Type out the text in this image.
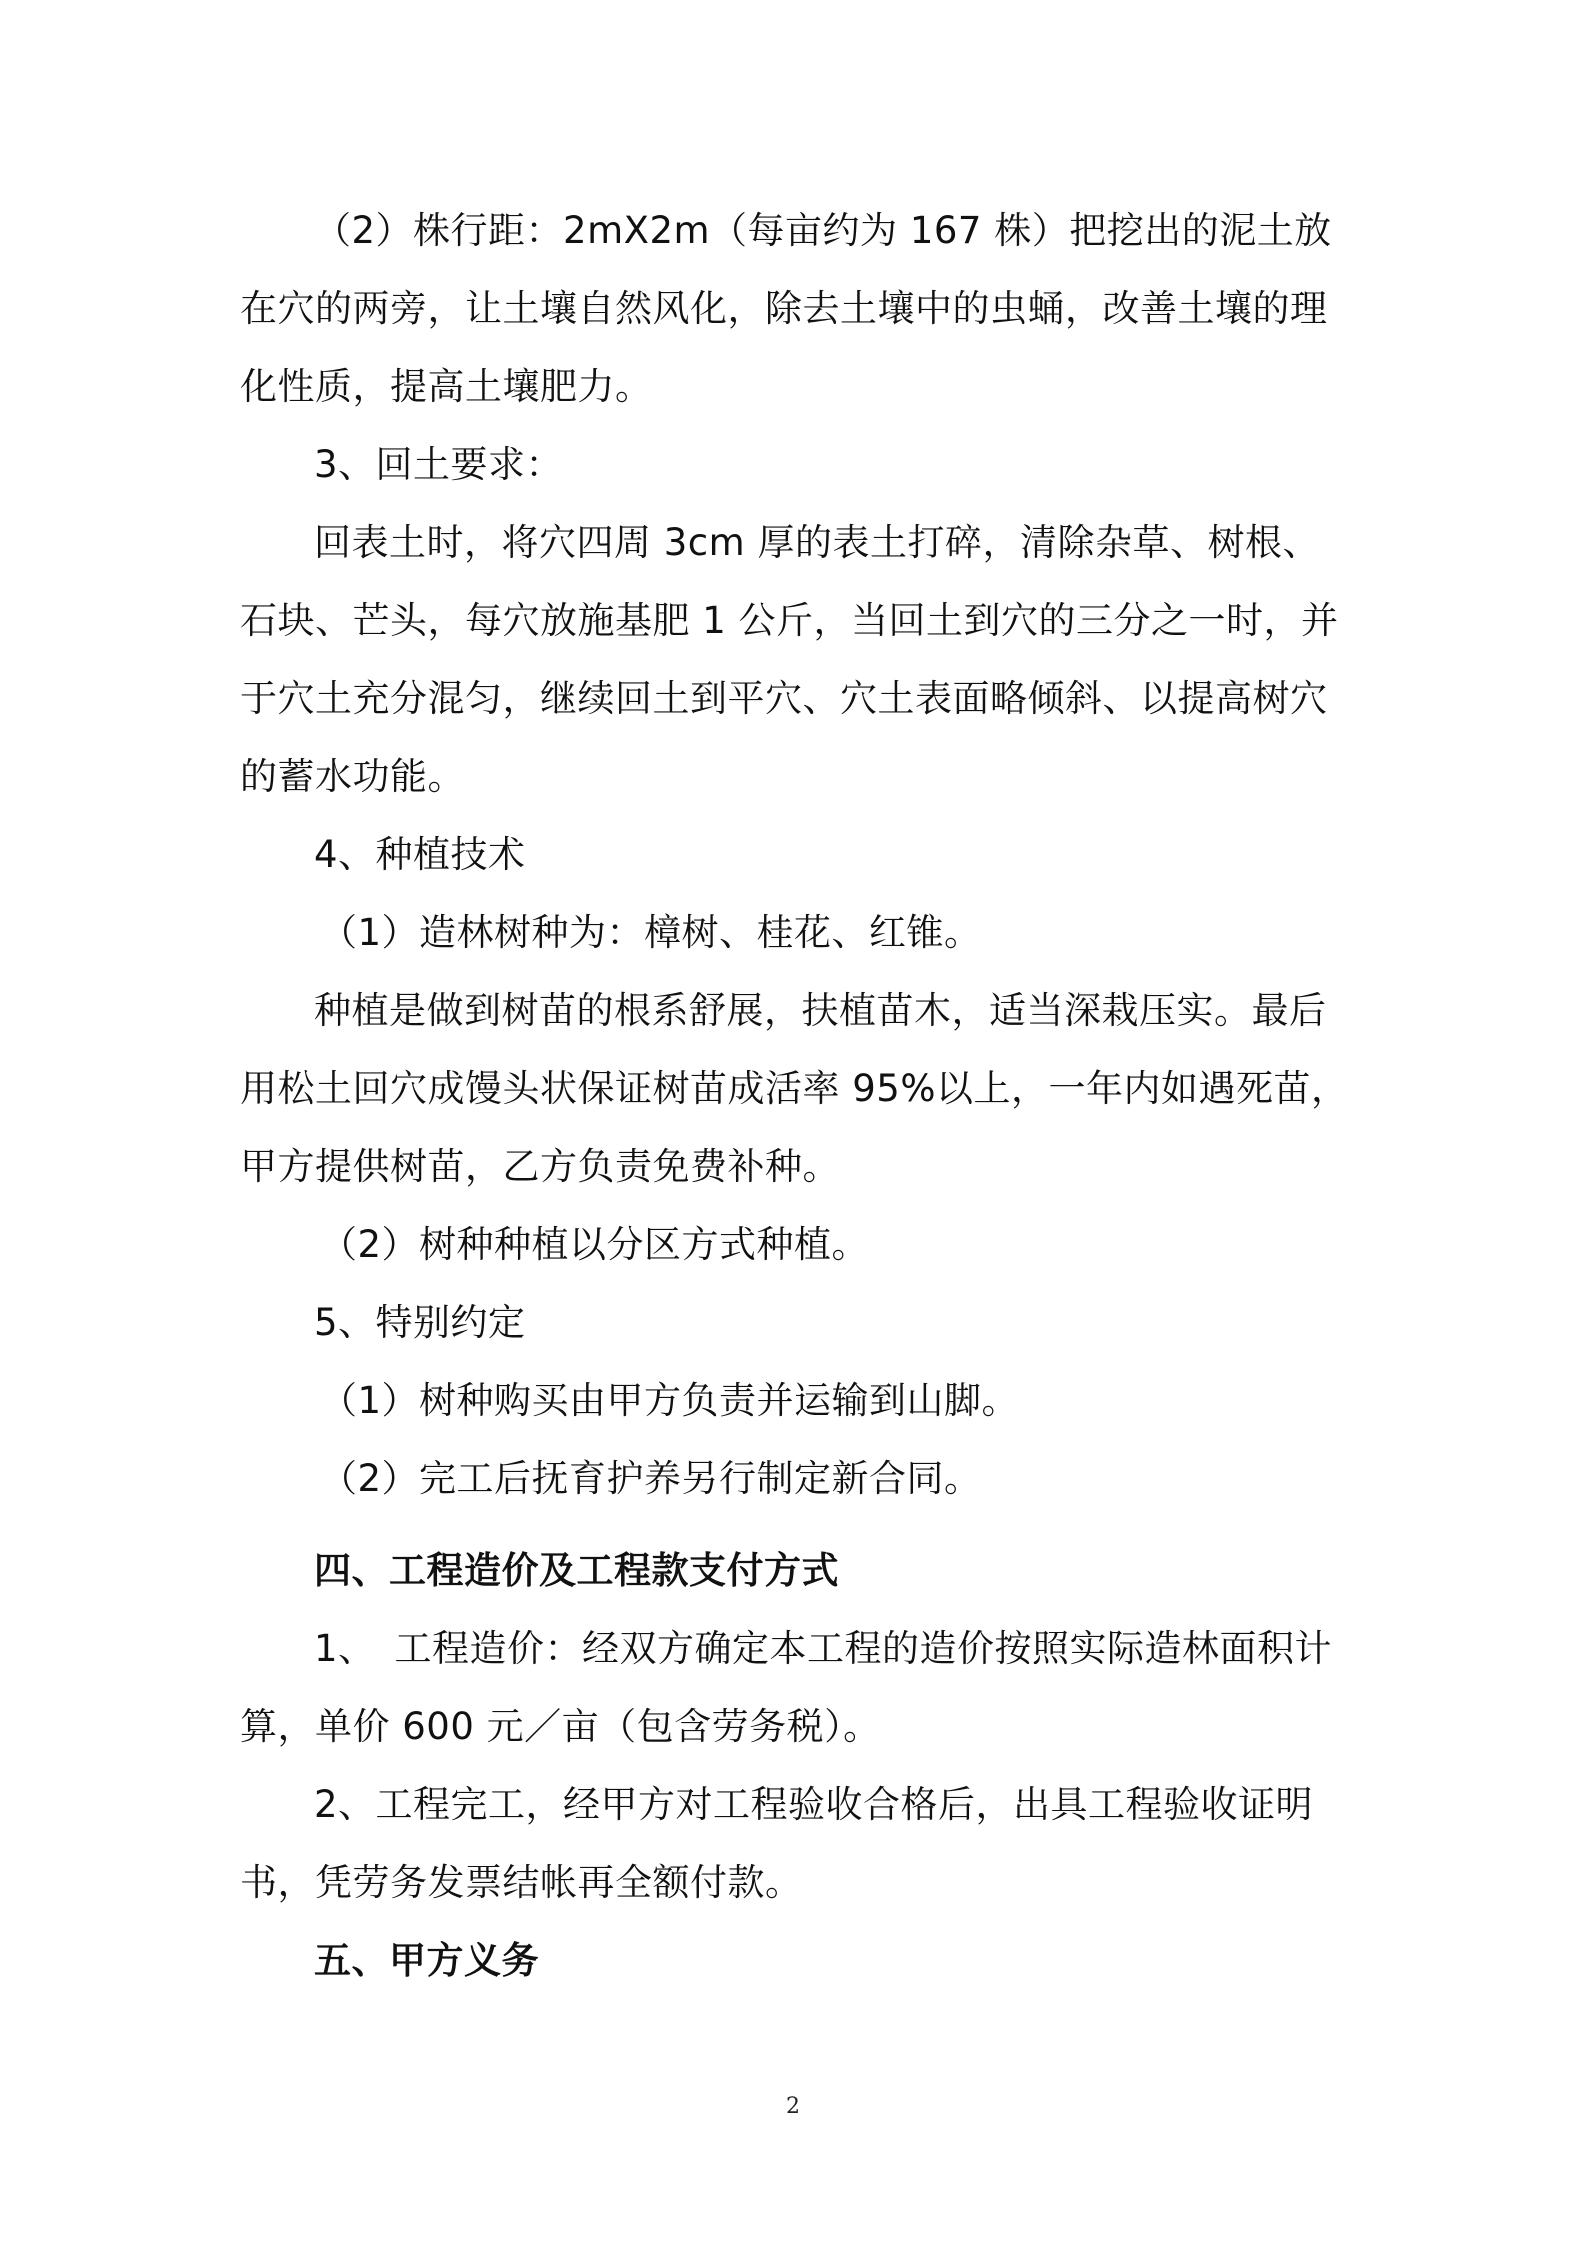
（2）株行距：2mX2m（每亩约为 167 株）把挖出的泥土放在穴的两旁，让土壤自然风化，除去土壤中的虫蛹，改善土壤的理化性质，提高土壤肥力。

3、回土要求：

回表土时，将穴四周 3cm 厚的表土打碎，清除杂草、树根、石块、芒头，每穴放施基肥 1 公斤，当回土到穴的三分之一时，并于穴土充分混匀，继续回土到平穴、穴土表面略倾斜、以提高树穴的蓄水功能。

4、种植技术

（1）造林树种为：樟树、桂花、红锥。

种植是做到树苗的根系舒展，扶植苗木，适当深栽压实。最后用松土回穴成馒头状保证树苗成活率 95%以上，一年内如遇死苗，甲方提供树苗，乙方负责免费补种。

（2）树种种植以分区方式种植。

5、特别约定

（1）树种购买由甲方负责并运输到山脚。

（2）完工后抚育护养另行制定新合同。

四、工程造价及工程款支付方式

1、　工程造价：经双方确定本工程的造价按照实际造林面积计算，单价 600 元／亩（包含劳务税）。

2、工程完工，经甲方对工程验收合格后，出具工程验收证明书，凭劳务发票结帐再全额付款。

五、甲方义务

2
